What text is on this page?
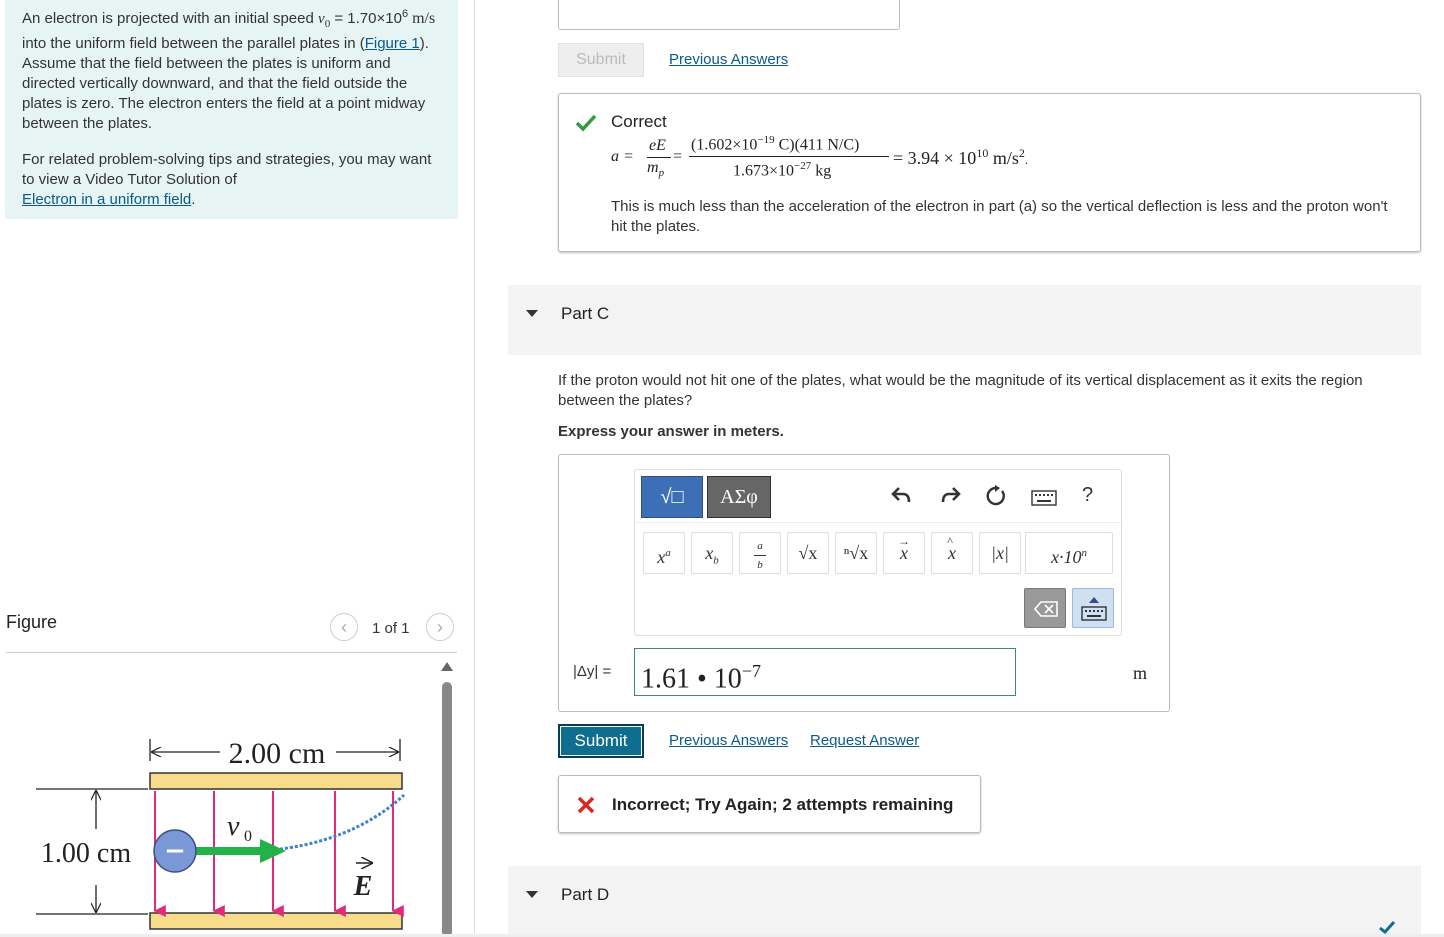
An electron is projected with an initial speed $v_0 = 1.70\times 10^6$ m/s into the uniform field between the parallel plates in (Figure 1). Assume that the field between the plates is uniform and directed vertically downward, and that the field outside the plates is zero. The electron enters the field at a point midway between the plates.

For related problem-solving tips and strategies, you may want to view a Video Tutor Solution of
Electron in a uniform field.

Figure	‹	1 of 1	›
2.00 cm
1.00 cm
v 0
−
E
Submit	Previous Answers
Correct
a =
eE
$m_p$
=
($1.602\times 10^{-19}$ C)(411 N/C)
$1.673\times 10^{-27}$ kg
= $3.94 \times 10^{10}$ $m/s^2$.
This is much less than the acceleration of the electron in part (a) so the vertical deflection is less and the proton won't hit the plates.
Part C
If the proton would not hit one of the plates, what would be the magnitude of its vertical displacement as it exits the region between the plates?
Express your answer in meters.
√□	ΑΣφ	?
$x^a$	$x_b$
a
b
√x	ⁿ√x
→
x
^
x	|x|	$x\cdot 10^n$
|Δy| = 1.61 • $10^{-7}$	m
Submit	Previous Answers Request Answer
Incorrect; Try Again; 2 attempts remaining
Part D
